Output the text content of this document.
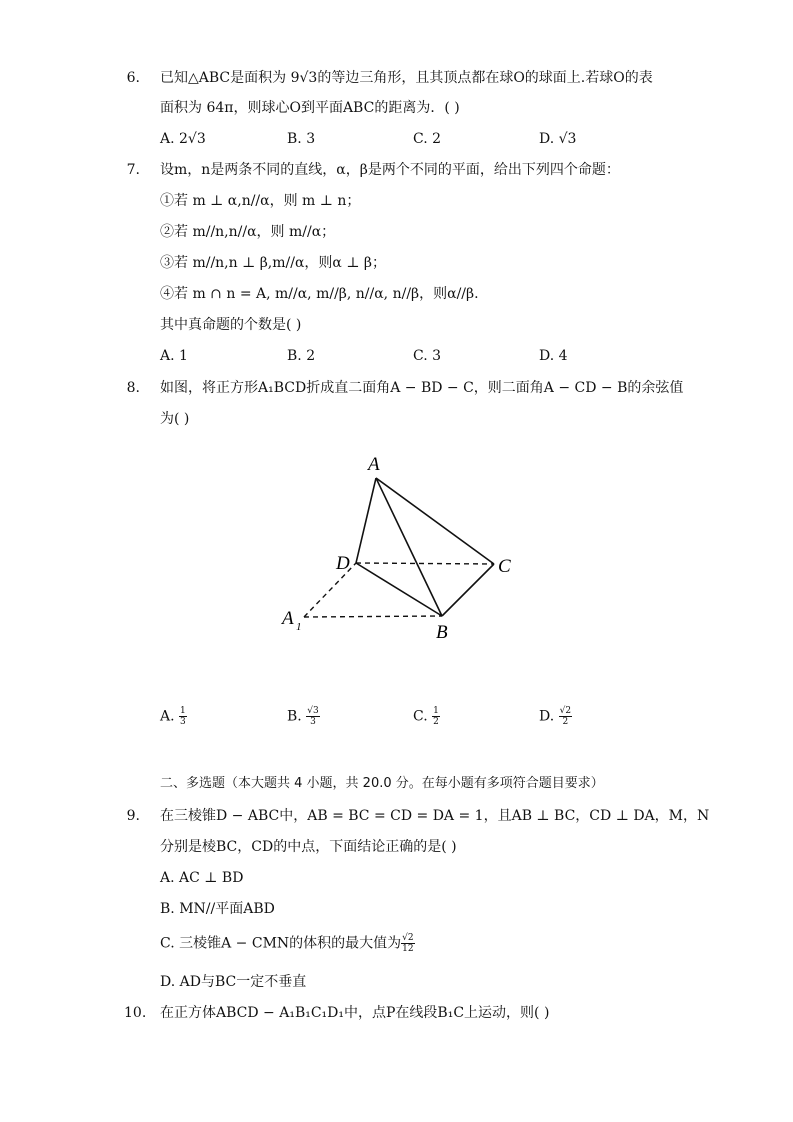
6. 已知△ABC是面积为 9√3的等边三角形，且其顶点都在球O的球面上.若球O的表
面积为 64π，则球心O到平面ABC的距离为．( )
A. 2√3	B. 3	C. 2	D. √3
7. 设m，n是两条不同的直线，α，β是两个不同的平面，给出下列四个命题：
①若 m ⊥ α,n//α，则 m ⊥ n；
②若 m//n,n//α，则 m//α；
③若 m//n,n ⊥ β,m//α，则α ⊥ β；
④若 m ∩ n = A, m//α, m//β, n//α, n//β，则α//β.
其中真命题的个数是( )
A. 1	B. 2	C. 3	D. 4
8. 如图，将正方形A₁BCD折成直二面角A − BD − C，则二面角A − CD − B的余弦值
为( )
A
D	C
A 1	B
A. $\frac{1}{3}$	B. $\frac{√3}{3}$	C. $\frac{1}{2}$	D. $\frac{√2}{2}$
二、多选题（本大题共 4 小题，共 20.0 分。在每小题有多项符合题目要求）
9. 在三棱锥D − ABC中，AB = BC = CD = DA = 1，且AB ⊥ BC，CD ⊥ DA，M，N
分别是棱BC，CD的中点，下面结论正确的是( )
A. AC ⊥ BD
B. MN//平面ABD
C. 三棱锥A − CMN的体积的最大值为 $\frac{√2}{12}$
D. AD与BC一定不垂直
10. 在正方体ABCD − A₁B₁C₁D₁中，点P在线段B₁C上运动，则( )
